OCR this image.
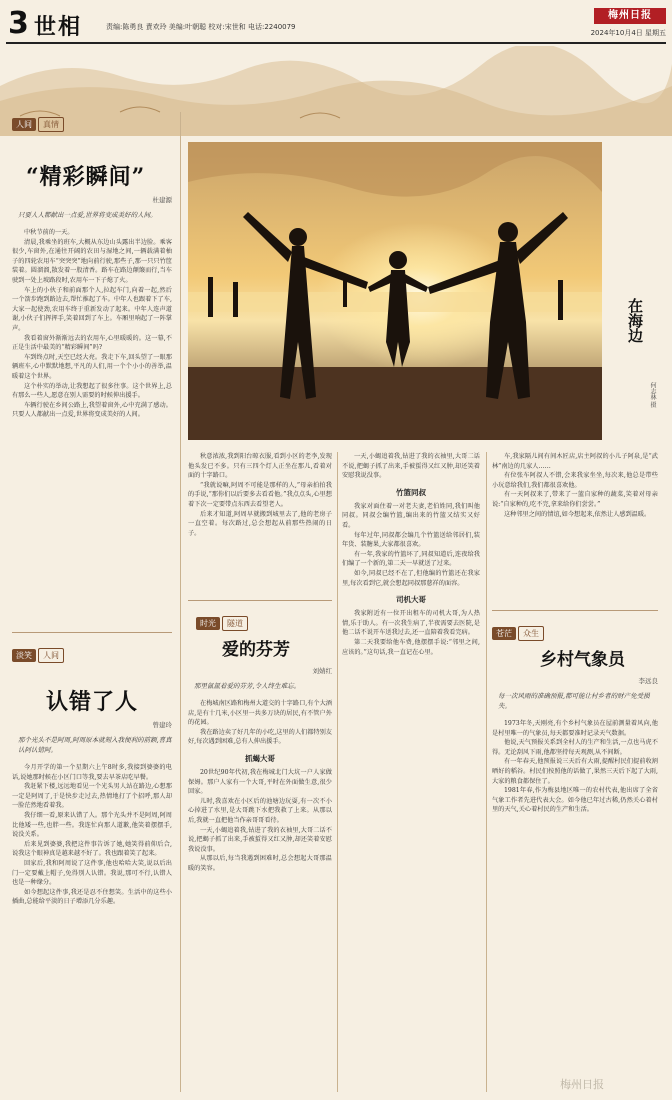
3 世相	责编:陈勇良 責欢玲 美编:叶朝聪 校对:宋世和 电话:2240079
梅州日报
2024年10月4日 星期五
人间 真情
“精彩瞬间”
杜建源
只要人人都献出一点爱,世界将变成美好的人间。

中秋节前的一天。

清晨,我乘坐的班车,大概从东边山头露出半边脸。乘客很少,车窗外,在通往开阔的农田与湿地之间,一辆载满着柚子的四轮农用车“突突突”地向前行驶,那些子,那一只只竹筐装着。圆溜溜,散发着一股清香。路车在路边颠簸而行,当车驶到一处上坡路段时,农用车一下子熄了火。

车上的小伙子和前面那个人,拉起车门,向着一起,然后一个箭步跑到路边去,帮忙推起了车。中年人也跟着下了车,大家一起使劲,农用车终于重新发动了起来。中年人连声道谢,小伙子们挥挥手,笑着回到了车上。车厢里响起了一阵掌声。

我看着窗外渐渐远去的农用车,心里暖暖的。这一幕,不正是生活中最美的“精彩瞬间”吗?

车到终点时,天空已经大亮。我走下车,回头望了一眼那辆班车,心中默默地想,平凡的人们,用一个个小小的善举,温暖着这个世界。

这个朴实的举动,让我想起了很多往事。这个世界上,总有那么一些人,愿意在别人需要的时候伸出援手。

车辆行驶在乡间公路上,我望着窗外,心中充满了感动。只要人人都献出一点爱,世界将变成美好的人间。

淡笑 人间
认错了人
曾建玲
那个光头不是阿周,阿周原本就刻入我便利的前额,喜真认阿认错阿。

今月开学的第一个星期六上午8时多,我接到婆婆的电话,说她那时候在小区门口等我,要去早茶店吃早餐。

我赶紧下楼,远远地看见一个光头男人站在路边,心想那一定是阿周了,于是快步走过去,热情地打了个招呼,那人却一脸茫然地看着我。

我仔细一看,原来认错了人。那个光头并不是阿周,阿周比他矮一些,也胖一些。我连忙向那人道歉,他笑着摆摆手,说没关系。

后来见到婆婆,我把这件事告诉了她,她笑得前仰后合,说我这个眼神真是越来越不好了。我也跟着笑了起来。

回家后,我和阿周说了这件事,他也哈哈大笑,说以后出门一定要戴上帽子,免得别人认错。我说,那可不行,认错人也是一种缘分。

如今想起这件事,我还是忍不住想笑。生活中的这些小插曲,总能给平淡的日子增添几分乐趣。

在海边
何志林 摄

秋意浓浓,我到阳台晾衣服,看到小区的老李,发现他头发已不多。只有三四个灯人正坐在那儿,看着对面的十字路口。

“我就说嘛,阿周不可能是那样的人,”母亲拍拍我的手说,“那你们以后要多去看看他。”我点点头,心里想着下次一定要带点东西去看望老人。

后来才知道,阿周早就搬到城里去了,他的老房子一直空着。每次路过,总会想起从前那些热闹的日子。

时光 隧道
爱的芬芳
刘婧红
那里氤氲着爱的芬芳,令人终生难忘。

在梅城南区路和梅州大道交的十字路口,有个大酒店,是有十几米,小区里一共多万块的居民,有不管户外的花园。

我在路边卖了好几年的小吃,这里的人们都特别友好,每次遇到困难,总有人伸出援手。

抓蝎大哥

20世纪90年代初,我在梅城北门大坑一户人家做保姆。那户人家有一个大哥,平时在外面做生意,很少回家。

儿时,我喜欢在小区后的池塘边玩耍,有一次不小心掉进了水里,是大哥跳下水把我救了上来。从那以后,我就一直把他当作亲哥哥看待。

一天,小蝎追着我,钻进了我的衣袖里,大哥二话不说,把蝎子抓了出来,手被蜇得又红又肿,却还笑着安慰我说没事。

从那以后,每当我遇到困难时,总会想起大哥那温暖的笑容。

一天,小蝎追着我,钻进了我的衣袖里,大哥二话不说,把蝎子抓了出来,手被蜇得又红又肿,却还笑着安慰我说没事。

竹篮同叔

我家对面住着一对老夫妻,老伯姓同,我们叫他同叔。同叔会编竹篮,编出来的竹篮又结实又好看。

每年过年,同叔都会编几个竹篮送给邻居们,装年货、装糖果,大家都很喜欢。

有一年,我家的竹篮坏了,同叔知道后,连夜给我们编了一个新的,第二天一早就送了过来。

如今,同叔已经不在了,但他编的竹篮还在我家里,每次看到它,就会想起同叔那慈祥的面容。

司机大哥

我家附近有一位开出租车的司机大哥,为人热情,乐于助人。有一次我生病了,半夜需要去医院,是他二话不说开车送我过去,还一直陪着我看完病。

第二天我要给他车费,他摆摆手说:“邻里之间,应该的。”这句话,我一直记在心里。

车,我家隔儿间有间木匠店,店主阿叔的小儿子阿泉,是“武林”南边的几家人……

有位张车阿叔人不错,会来我家坐坐,每次来,他总是带些小玩意给我们,我们都很喜欢他。

有一天阿叔来了,带来了一篮自家种的蔬菜,笑着对母亲说:“自家种的,吃不完,拿来给你们尝尝。”

这种邻里之间的情谊,如今想起来,依然让人感到温暖。

苍茫 众生
乡村气象员
李远良
每一次风雨的准确预报,都可能让村乡者的财产免受损失。

1973年冬,天刚亮,有个乡村气象员在屋前测量着风向,他是村里唯一的气象员,每天都要准时记录天气数据。

他说,天气预报关系到全村人的生产和生活,一点也马虎不得。无论刮风下雨,他都坚持每天观测,从不间断。

有一年春天,他预报说三天后有大雨,提醒村民们提前收割晒好的稻谷。村民们按照他的话做了,果然三天后下起了大雨,大家的粮食都保住了。

1981年春,作为梅县地区唯一的农村代表,他出席了全省气象工作者先进代表大会。如今他已年过古稀,仍然关心着村里的天气,关心着村民的生产和生活。

梅州日报
